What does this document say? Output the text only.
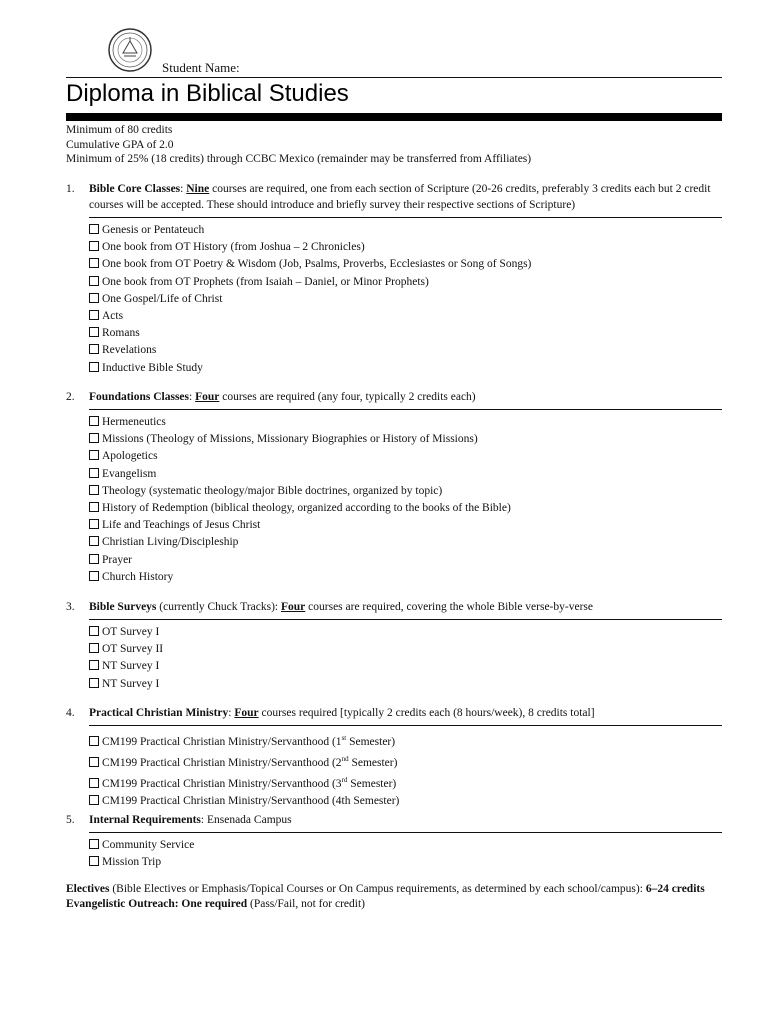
Student Name:
Diploma in Biblical Studies
Minimum of 80 credits
Cumulative GPA of 2.0
Minimum of 25% (18 credits) through CCBC Mexico (remainder may be transferred from Affiliates)
1. Bible Core Classes: Nine courses are required, one from each section of Scripture (20-26 credits, preferably 3 credits each but 2 credit courses will be accepted. These should introduce and briefly survey their respective sections of Scripture)
Genesis or Pentateuch
One book from OT History (from Joshua – 2 Chronicles)
One book from OT Poetry & Wisdom (Job, Psalms, Proverbs, Ecclesiastes or Song of Songs)
One book from OT Prophets (from Isaiah – Daniel, or Minor Prophets)
One Gospel/Life of Christ
Acts
Romans
Revelations
Inductive Bible Study
2. Foundations Classes: Four courses are required (any four, typically 2 credits each)
Hermeneutics
Missions (Theology of Missions, Missionary Biographies or History of Missions)
Apologetics
Evangelism
Theology (systematic theology/major Bible doctrines, organized by topic)
History of Redemption (biblical theology, organized according to the books of the Bible)
Life and Teachings of Jesus Christ
Christian Living/Discipleship
Prayer
Church History
3. Bible Surveys (currently Chuck Tracks): Four courses are required, covering the whole Bible verse-by-verse
OT Survey I
OT Survey II
NT Survey I
NT Survey I
4. Practical Christian Ministry: Four courses required [typically 2 credits each (8 hours/week), 8 credits total]
CM199 Practical Christian Ministry/Servanthood (1st Semester)
CM199 Practical Christian Ministry/Servanthood (2nd Semester)
CM199 Practical Christian Ministry/Servanthood (3rd Semester)
CM199 Practical Christian Ministry/Servanthood (4th Semester)
5. Internal Requirements: Ensenada Campus
Community Service
Mission Trip
Electives (Bible Electives or Emphasis/Topical Courses or On Campus requirements, as determined by each school/campus): 6–24 credits
Evangelistic Outreach: One required (Pass/Fail, not for credit)
